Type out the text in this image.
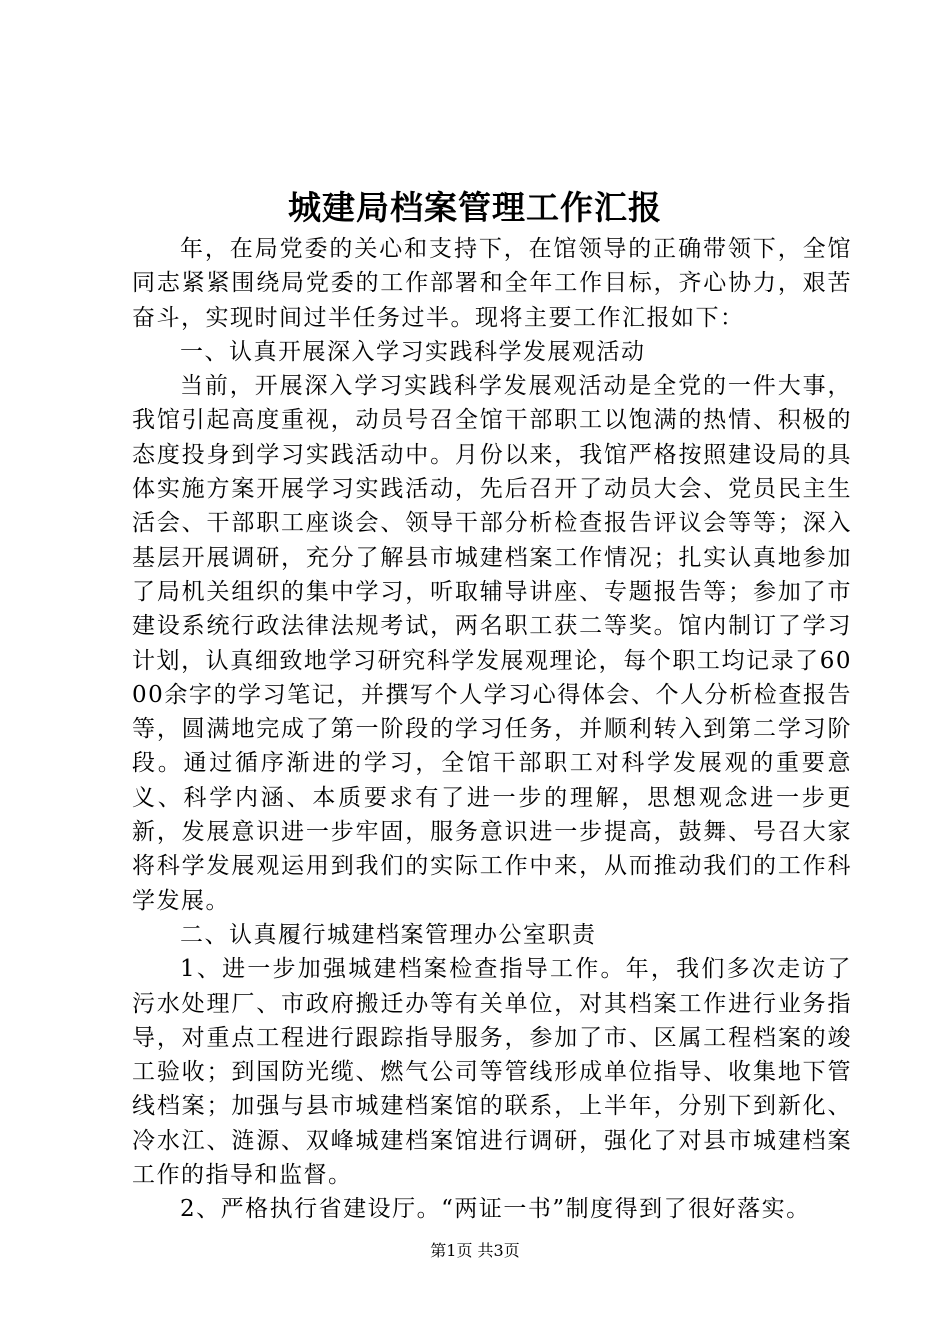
城建局档案管理工作汇报

年，在局党委的关心和支持下，在馆领导的正确带领下，全馆同志紧紧围绕局党委的工作部署和全年工作目标，齐心协力，艰苦奋斗，实现时间过半任务过半。现将主要工作汇报如下：

一、认真开展深入学习实践科学发展观活动

当前，开展深入学习实践科学发展观活动是全党的一件大事，我馆引起高度重视，动员号召全馆干部职工以饱满的热情、积极的态度投身到学习实践活动中。月份以来，我馆严格按照建设局的具体实施方案开展学习实践活动，先后召开了动员大会、党员民主生活会、干部职工座谈会、领导干部分析检查报告评议会等等；深入基层开展调研，充分了解县市城建档案工作情况；扎实认真地参加了局机关组织的集中学习，听取辅导讲座、专题报告等；参加了市建设系统行政法律法规考试，两名职工获二等奖。馆内制订了学习计划，认真细致地学习研究科学发展观理论，每个职工均记录了6000余字的学习笔记，并撰写个人学习心得体会、个人分析检查报告等，圆满地完成了第一阶段的学习任务，并顺利转入到第二学习阶段。通过循序渐进的学习，全馆干部职工对科学发展观的重要意义、科学内涵、本质要求有了进一步的理解，思想观念进一步更新，发展意识进一步牢固，服务意识进一步提高，鼓舞、号召大家将科学发展观运用到我们的实际工作中来，从而推动我们的工作科学发展。

二、认真履行城建档案管理办公室职责

1、进一步加强城建档案检查指导工作。年，我们多次走访了污水处理厂、市政府搬迁办等有关单位，对其档案工作进行业务指导，对重点工程进行跟踪指导服务，参加了市、区属工程档案的竣工验收；到国防光缆、燃气公司等管线形成单位指导、收集地下管线档案；加强与县市城建档案馆的联系，上半年，分别下到新化、冷水江、涟源、双峰城建档案馆进行调研，强化了对县市城建档案工作的指导和监督。

2、严格执行省建设厅。“两证一书”制度得到了很好落实。

第1页 共3页
